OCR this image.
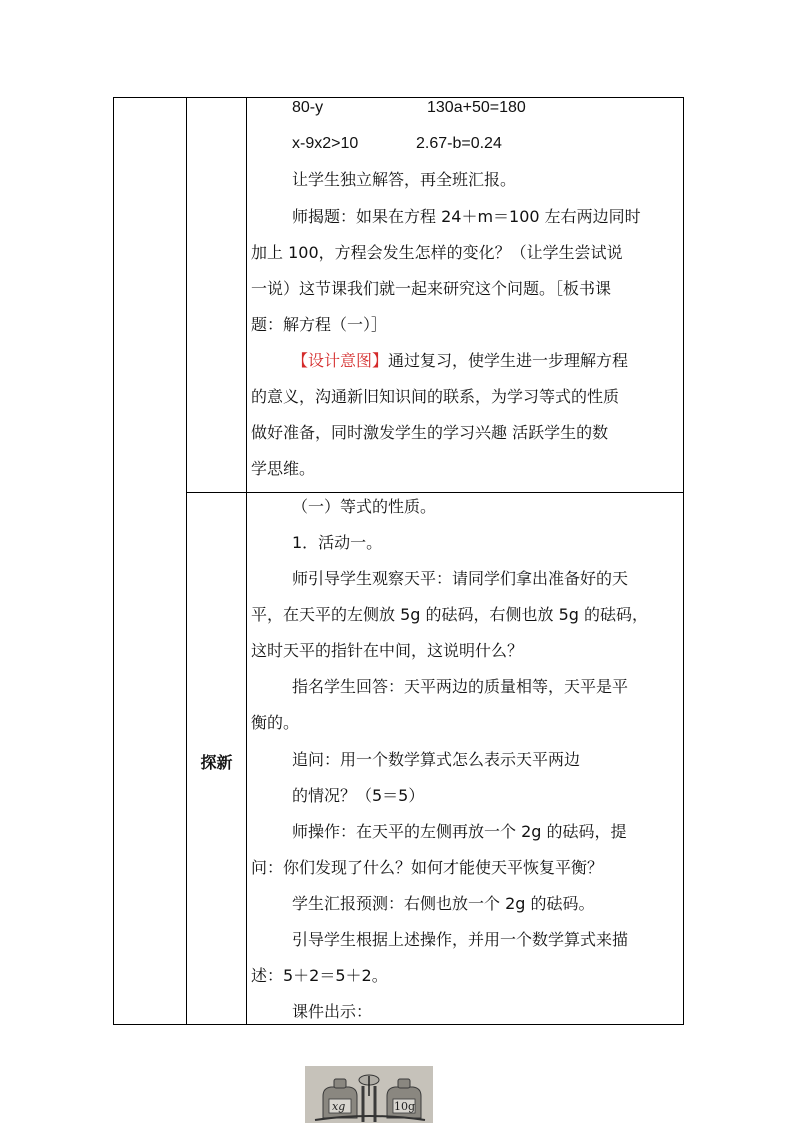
80-y	130a+50=180
x-9x2>10	2.67-b=0.24
让学生独立解答，再全班汇报。
师揭题：如果在方程 24＋m＝100 左右两边同时
加上 100，方程会发生怎样的变化？（让学生尝试说
一说）这节课我们就一起来研究这个问题。［板书课
题：解方程（一）］
【设计意图】通过复习，使学生进一步理解方程
的意义，沟通新旧知识间的联系，为学习等式的性质
做好准备，同时激发学生的学习兴趣 活跃学生的数
学思维。
探新
（一）等式的性质。
1．活动一。
师引导学生观察天平：请同学们拿出准备好的天
平，在天平的左侧放 5g 的砝码，右侧也放 5g 的砝码，
这时天平的指针在中间，这说明什么？
指名学生回答：天平两边的质量相等，天平是平
衡的。
追问：用一个数学算式怎么表示天平两边
的情况？（5＝5）
师操作：在天平的左侧再放一个 2g 的砝码，提
问：你们发现了什么？如何才能使天平恢复平衡？
学生汇报预测：右侧也放一个 2g 的砝码。
引导学生根据上述操作，并用一个数学算式来描
述：5＋2＝5＋2。
课件出示：
xg	10g
